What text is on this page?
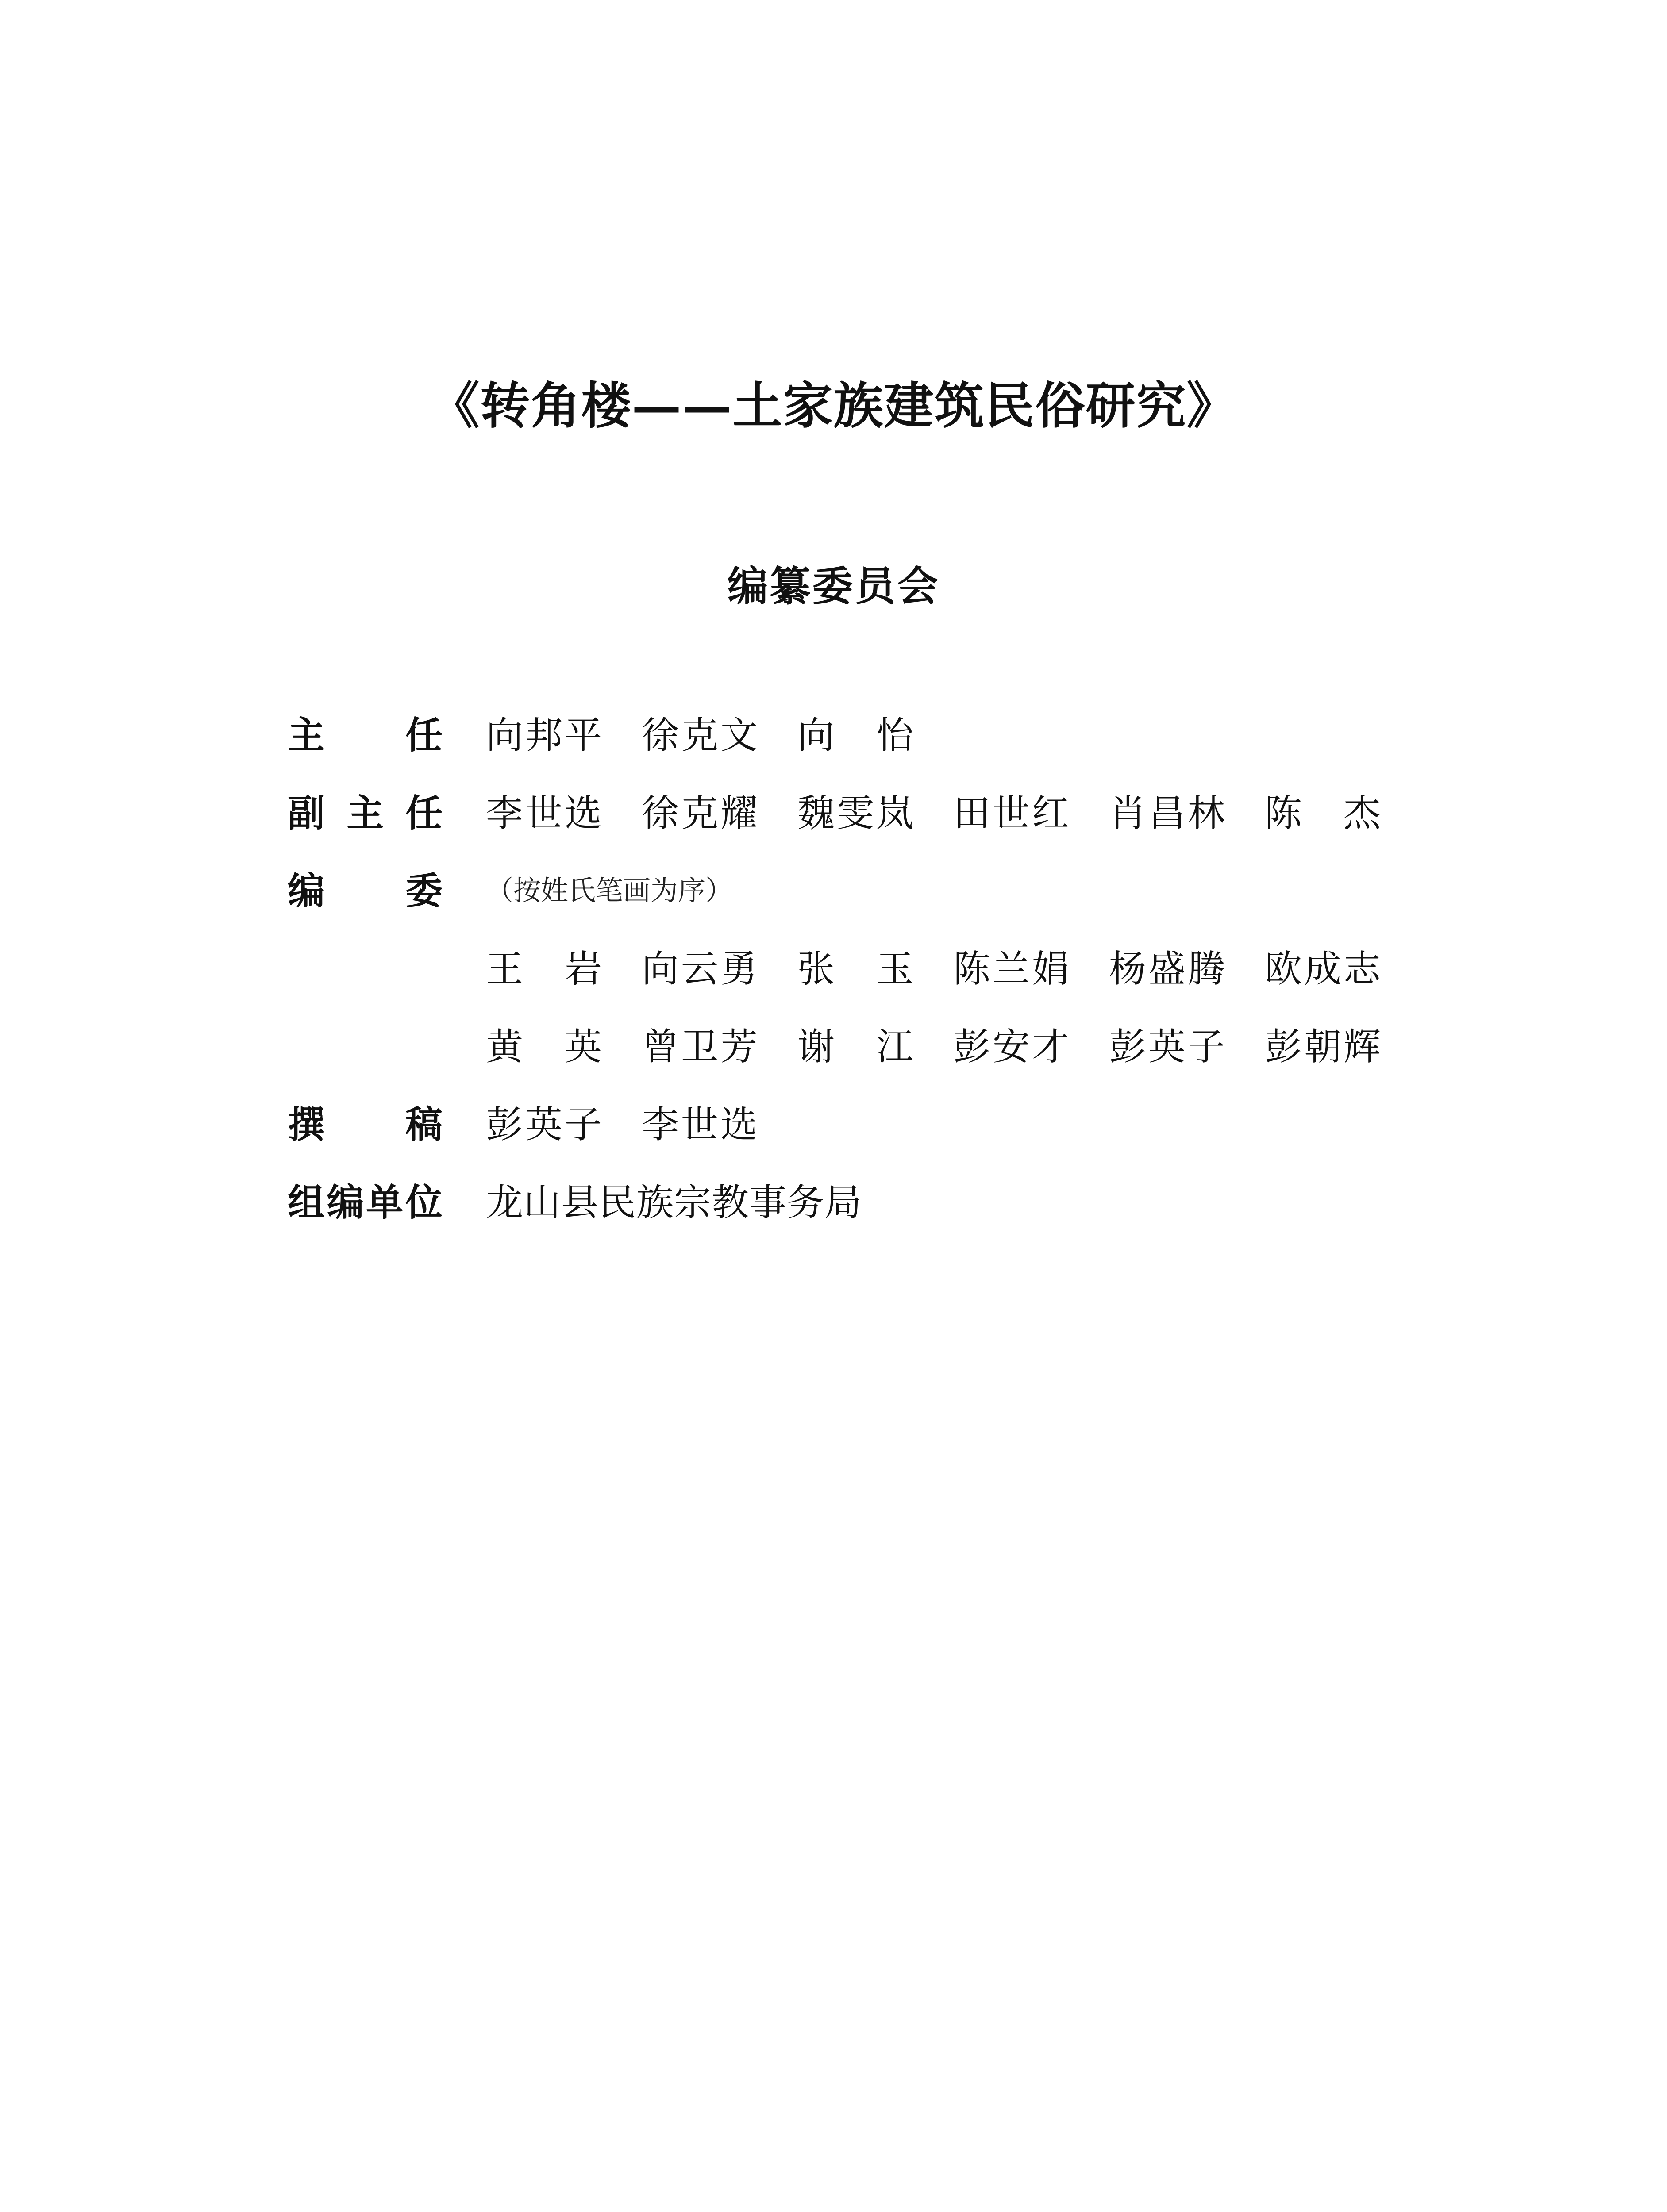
《转角楼——土家族建筑民俗研究》
编纂委员会
主 任 向 邦 平 徐 克 文 向 怡
副 主 任 李 世 选 徐 克 耀 魏 雯 岚 田 世 红 肖 昌 林 陈 杰
编 委 （按姓氏笔画为序）
王 岩 向 云 勇 张 玉 陈 兰 娟 杨 盛 腾 欧 成 志
黄 英 曾 卫 芳 谢 江 彭 安 才 彭 英 子 彭 朝 辉
撰 稿 彭 英 子 李 世 选
组 编 单 位 龙山县民族宗教事务局
